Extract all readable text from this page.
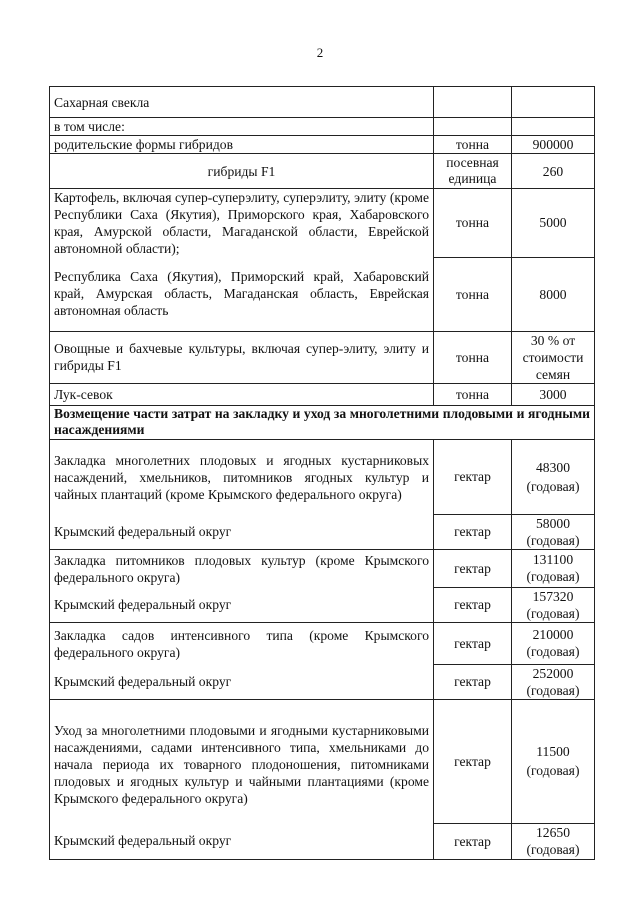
2
Сахарная свекла		
в том числе:		
родительские формы гибридов	тонна	900000
гибриды F1	посевная единица	260
Картофель, включая супер-суперэлиту, суперэлиту, элиту (кроме Республики Саха (Якутия), Приморского края, Хабаровского края, Амурской области, Магаданской области, Еврейской автономной области);	тонна	5000
Республика Саха (Якутия), Приморский край, Хабаровский край, Амурская область, Магаданская область, Еврейская автономная область	тонна	8000
Овощные и бахчевые культуры, включая супер-элиту, элиту и гибриды F1	тонна	30 % от стоимости семян
Лук-севок	тонна	3000
Возмещение части затрат на закладку и уход за многолетними плодовыми и ягодными насаждениями		
Закладка многолетних плодовых и ягодных кустарниковых насаждений, хмельников, питомников ягодных культур и чайных плантаций (кроме Крымского федерального округа)	гектар	48300 (годовая)
Крымский федеральный округ	гектар	58000 (годовая)
Закладка питомников плодовых культур (кроме Крымского федерального округа)	гектар	131100 (годовая)
Крымский федеральный округ	гектар	157320 (годовая)
Закладка садов интенсивного типа (кроме Крымского федерального округа)	гектар	210000 (годовая)
Крымский федеральный округ	гектар	252000 (годовая)
Уход за многолетними плодовыми и ягодными кустарниковыми насаждениями, садами интенсивного типа, хмельниками до начала периода их товарного плодоношения, питомниками плодовых и ягодных культур и чайными плантациями (кроме Крымского федерального округа)	гектар	11500 (годовая)
Крымский федеральный округ	гектар	12650 (годовая)
